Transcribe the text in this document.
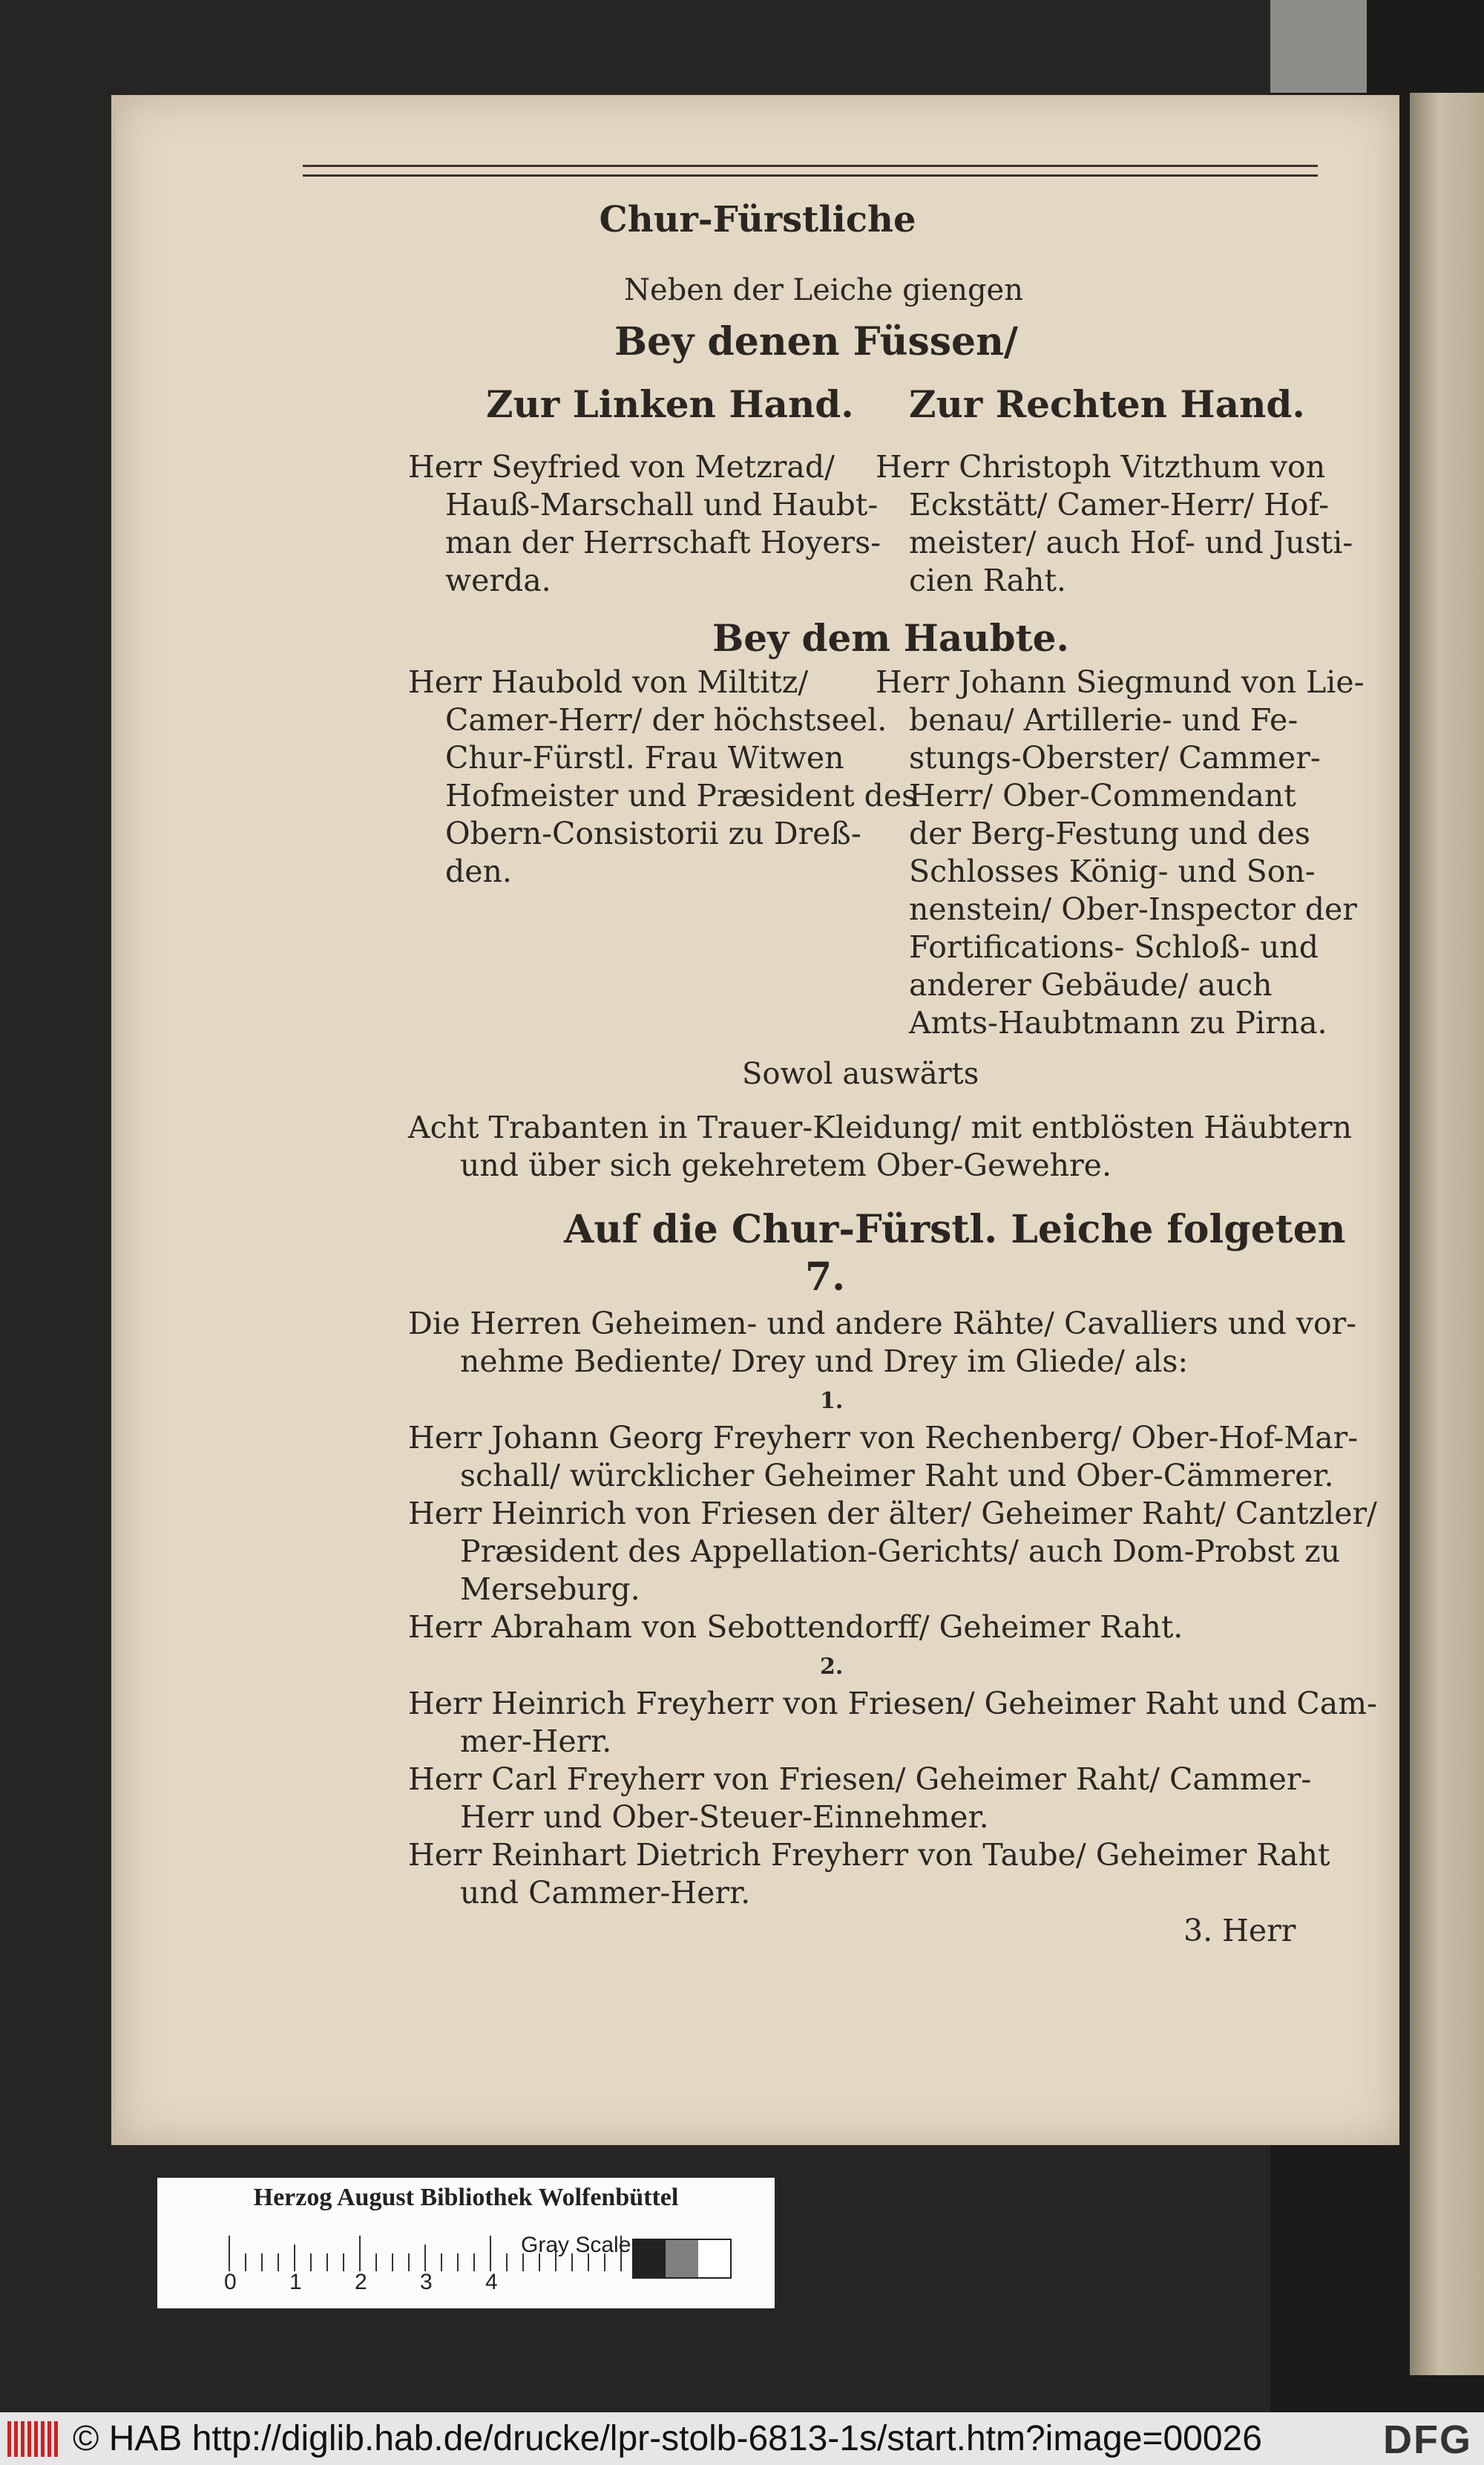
Chur-Fürstliche
Neben der Leiche giengen
Bey denen Füssen/
Zur Linken Hand. Zur Rechten Hand.
Herr Seyfried von Metzrad/
Hauß-Marschall und Haubt-
man der Herrschaft Hoyers-
werda.
Herr Christoph Vitzthum von
Eckstätt/ Camer-Herr/ Hof-
meister/ auch Hof- und Justi-
cien Raht.
Bey dem Haubte.
Herr Haubold von Miltitz/
Camer-Herr/ der höchstseel.
Chur-Fürstl. Frau Witwen
Hofmeister und Præsident des
Obern-Consistorii zu Dreß-
den.
Herr Johann Siegmund von Lie-
benau/ Artillerie- und Fe-
stungs-Oberster/ Cammer-
Herr/ Ober-Commendant
der Berg-Festung und des
Schlosses König- und Son-
nenstein/ Ober-Inspector der
Fortifications- Schloß- und
anderer Gebäude/ auch
Amts-Haubtmann zu Pirna.
Sowol auswärts
Acht Trabanten in Trauer-Kleidung/ mit entblösten Häubtern
und über sich gekehretem Ober-Gewehre.
Auf die Chur-Fürstl. Leiche folgeten
7.
Die Herren Geheimen- und andere Rähte/ Cavalliers und vor-
nehme Bediente/ Drey und Drey im Gliede/ als:
1.
Herr Johann Georg Freyherr von Rechenberg/ Ober-Hof-Mar-
schall/ würcklicher Geheimer Raht und Ober-Cämmerer.
Herr Heinrich von Friesen der älter/ Geheimer Raht/ Cantzler/
Præsident des Appellation-Gerichts/ auch Dom-Probst zu
Merseburg.
Herr Abraham von Sebottendorff/ Geheimer Raht.
2.
Herr Heinrich Freyherr von Friesen/ Geheimer Raht und Cam-
mer-Herr.
Herr Carl Freyherr von Friesen/ Geheimer Raht/ Cammer-
Herr und Ober-Steuer-Einnehmer.
Herr Reinhart Dietrich Freyherr von Taube/ Geheimer Raht
und Cammer-Herr.
3. Herr
Herzog August Bibliothek Wolfenbüttel
0 1 2 3 4
Gray Scale
© HAB http://diglib.hab.de/drucke/lpr-stolb-6813-1s/start.htm?image=00026	DFG
